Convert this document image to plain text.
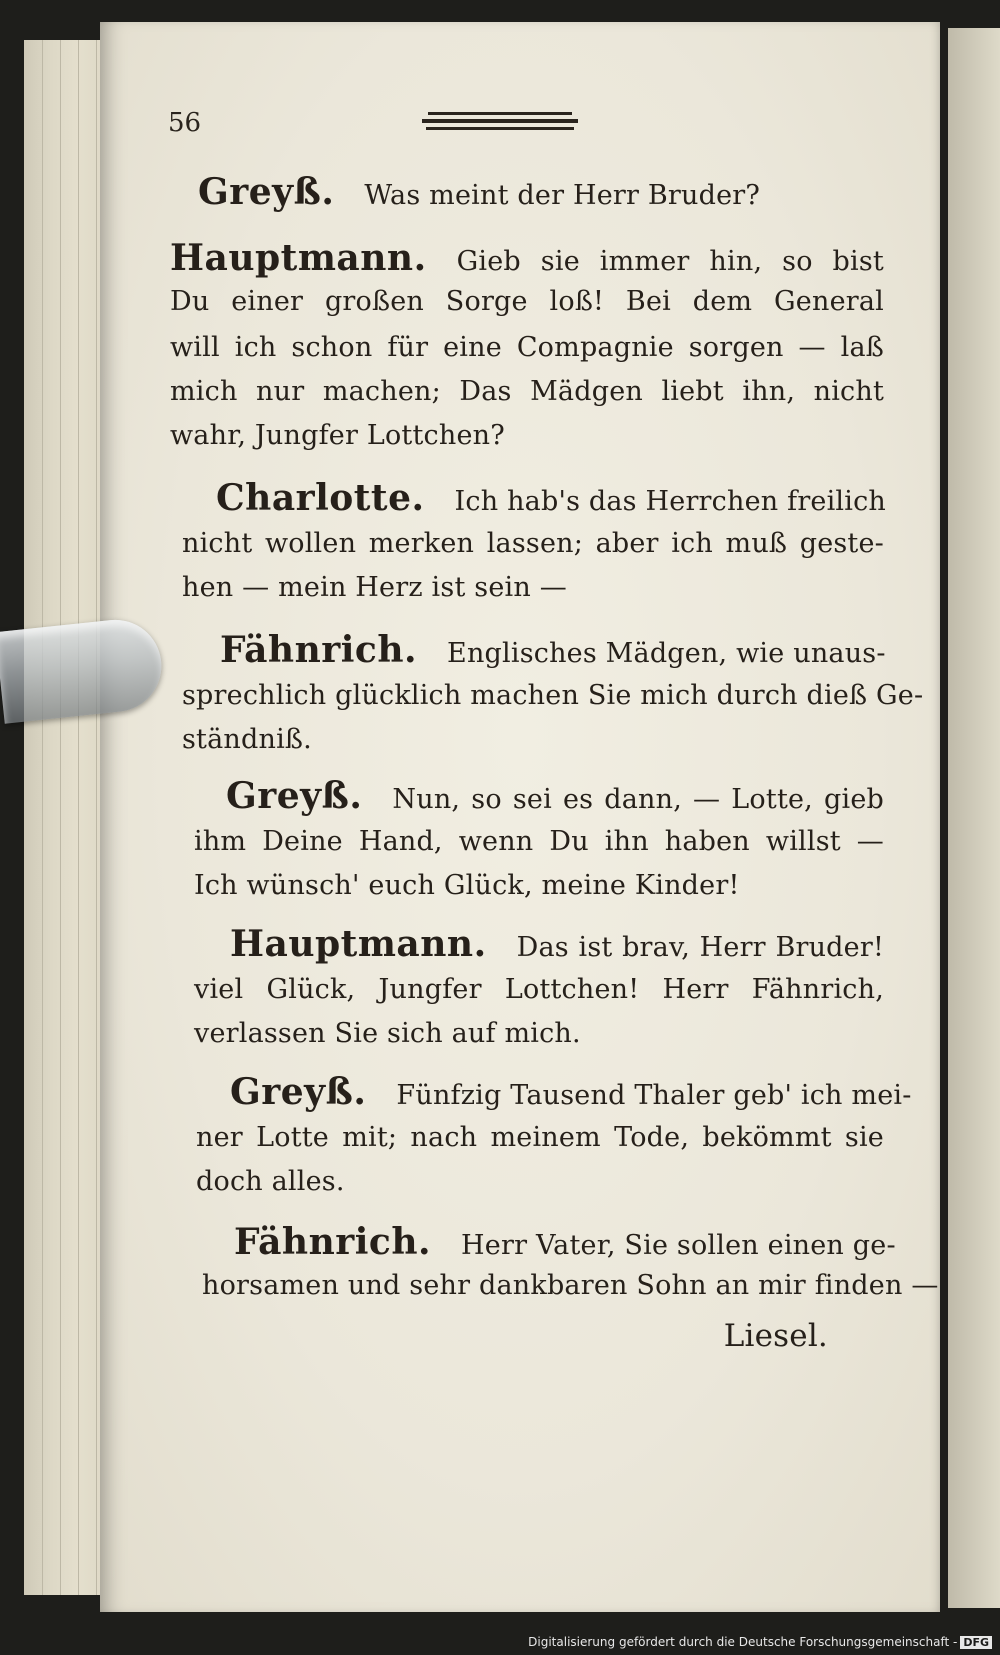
56
Greyß. Was meint der Herr Bruder?
Hauptmann. Gieb sie immer hin, so bist
Du einer großen Sorge loß! Bei dem General
will ich schon für eine Compagnie sorgen — laß
mich nur machen; Das Mädgen liebt ihn, nicht
wahr, Jungfer Lottchen?
Charlotte. Ich hab's das Herrchen freilich
nicht wollen merken lassen; aber ich muß geste-
hen — mein Herz ist sein —
Fähnrich. Englisches Mädgen, wie unaus-
sprechlich glücklich machen Sie mich durch dieß Ge-
ständniß.
Greyß. Nun, so sei es dann, — Lotte, gieb
ihm Deine Hand, wenn Du ihn haben willst —
Ich wünsch' euch Glück, meine Kinder!
Hauptmann. Das ist brav, Herr Bruder!
viel Glück, Jungfer Lottchen! Herr Fähnrich,
verlassen Sie sich auf mich.
Greyß. Fünfzig Tausend Thaler geb' ich mei-
ner Lotte mit; nach meinem Tode, bekömmt sie
doch alles.
Fähnrich. Herr Vater, Sie sollen einen ge-
horsamen und sehr dankbaren Sohn an mir finden —
Liesel.
Digitalisierung gefördert durch die Deutsche Forschungsgemeinschaft - DFG
